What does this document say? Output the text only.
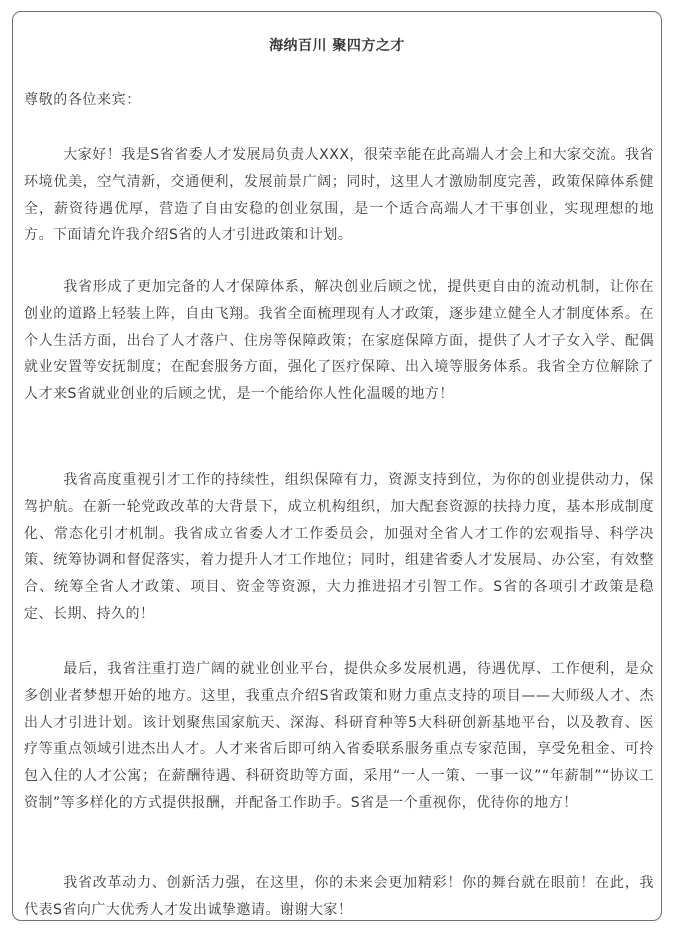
海纳百川 聚四方之才
尊敬的各位来宾：

大家好！我是S省省委人才发展局负责人XXX，很荣幸能在此高端人才会上和大家交流。我省环境优美，空气清新，交通便利，发展前景广阔；同时，这里人才激励制度完善，政策保障体系健全，薪资待遇优厚，营造了自由安稳的创业氛围，是一个适合高端人才干事创业，实现理想的地方。下面请允许我介绍S省的人才引进政策和计划。

我省形成了更加完备的人才保障体系，解决创业后顾之忧，提供更自由的流动机制，让你在创业的道路上轻装上阵，自由飞翔。我省全面梳理现有人才政策，逐步建立健全人才制度体系。在个人生活方面，出台了人才落户、住房等保障政策；在家庭保障方面，提供了人才子女入学、配偶就业安置等安抚制度；在配套服务方面，强化了医疗保障、出入境等服务体系。我省全方位解除了人才来S省就业创业的后顾之忧，是一个能给你人性化温暖的地方！

我省高度重视引才工作的持续性，组织保障有力，资源支持到位，为你的创业提供动力，保驾护航。在新一轮党政改革的大背景下，成立机构组织，加大配套资源的扶持力度，基本形成制度化、常态化引才机制。我省成立省委人才工作委员会，加强对全省人才工作的宏观指导、科学决策、统筹协调和督促落实，着力提升人才工作地位；同时，组建省委人才发展局、办公室，有效整合、统筹全省人才政策、项目、资金等资源，大力推进招才引智工作。S省的各项引才政策是稳定、长期、持久的！

最后，我省注重打造广阔的就业创业平台，提供众多发展机遇，待遇优厚、工作便利，是众多创业者梦想开始的地方。这里，我重点介绍S省政策和财力重点支持的项目——大师级人才、杰出人才引进计划。该计划聚焦国家航天、深海、科研育种等5大科研创新基地平台，以及教育、医疗等重点领域引进杰出人才。人才来省后即可纳入省委联系服务重点专家范围，享受免租金、可拎包入住的人才公寓；在薪酬待遇、科研资助等方面，采用“一人一策、一事一议”“年薪制”“协议工资制”等多样化的方式提供报酬，并配备工作助手。S省是一个重视你，优待你的地方！

我省改革动力、创新活力强，在这里，你的未来会更加精彩！你的舞台就在眼前！在此，我代表S省向广大优秀人才发出诚挚邀请。谢谢大家！
